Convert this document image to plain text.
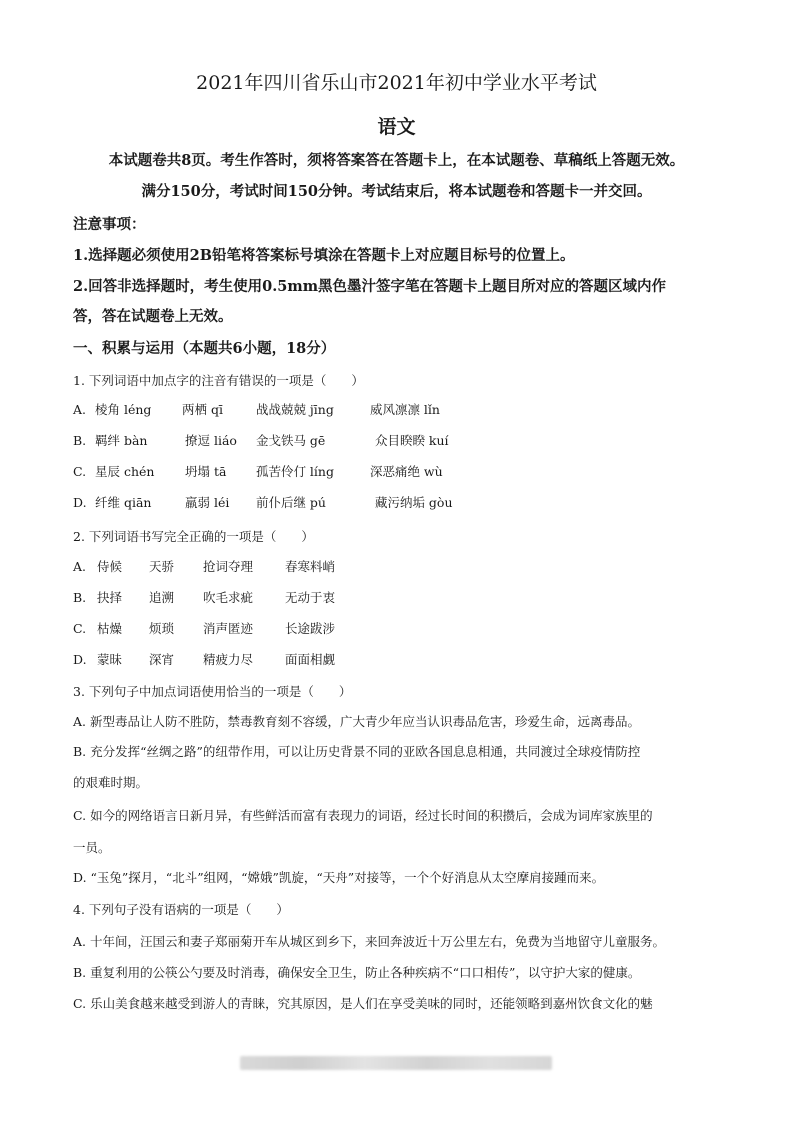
2021年四川省乐山市2021年初中学业水平考试
语文
本试题卷共8页。考生作答时，须将答案答在答题卡上，在本试题卷、草稿纸上答题无效。
满分150分，考试时间150分钟。考试结束后，将本试题卷和答题卡一并交回。
注意事项：
1.选择题必须使用2B铅笔将答案标号填涂在答题卡上对应题目标号的位置上。
2.回答非选择题时，考生使用0.5mm黑色墨汁签字笔在答题卡上题目所对应的答题区域内作
答，答在试题卷上无效。
一、积累与运用（本题共6小题，18分）
1. 下列词语中加点字的注音有错误的一项是（　　）
A. 棱角 léng 两栖 qī	战战兢兢 jīng	威风凛凛 lǐn
B. 羁绊 bàn	撩逗 liáo 金戈铁马 gē	众目睽睽 kuí
C. 星辰 chén 坍塌 tā 孤苦伶仃 líng	深恶痛绝 wù
D. 纤维 qiān	羸弱 léi 前仆后继 pú	藏污纳垢 gòu
2. 下列词语书写完全正确的一项是（　　）
A. 侍候 天骄 抢词夺理	春寒料峭
B. 抉择 追溯 吹毛求疵	无动于衷
C. 枯燥 烦琐 消声匿迹	长途跋涉
D. 蒙昧 深宵 精疲力尽	面面相觑
3. 下列句子中加点词语使用恰当的一项是（　　）
A. 新型毒品让人防不胜防，禁毒教育刻不容缓，广大青少年应当认识毒品危害，珍爱生命，远离毒品。
B. 充分发挥“丝绸之路”的纽带作用，可以让历史背景不同的亚欧各国息息相通，共同渡过全球疫情防控
的艰难时期。
C. 如今的网络语言日新月异，有些鲜活而富有表现力的词语，经过长时间的积攒后，会成为词库家族里的
一员。
D. “玉兔”探月，“北斗”组网，“嫦娥”凯旋，“天舟”对接等，一个个好消息从太空摩肩接踵而来。
4. 下列句子没有语病的一项是（　　）
A. 十年间，汪国云和妻子郑丽菊开车从城区到乡下，来回奔波近十万公里左右，免费为当地留守儿童服务。
B. 重复利用的公筷公勺要及时消毒，确保安全卫生，防止各种疾病不“口口相传”，以守护大家的健康。
C. 乐山美食越来越受到游人的青睐，究其原因，是人们在享受美味的同时，还能领略到嘉州饮食文化的魅
